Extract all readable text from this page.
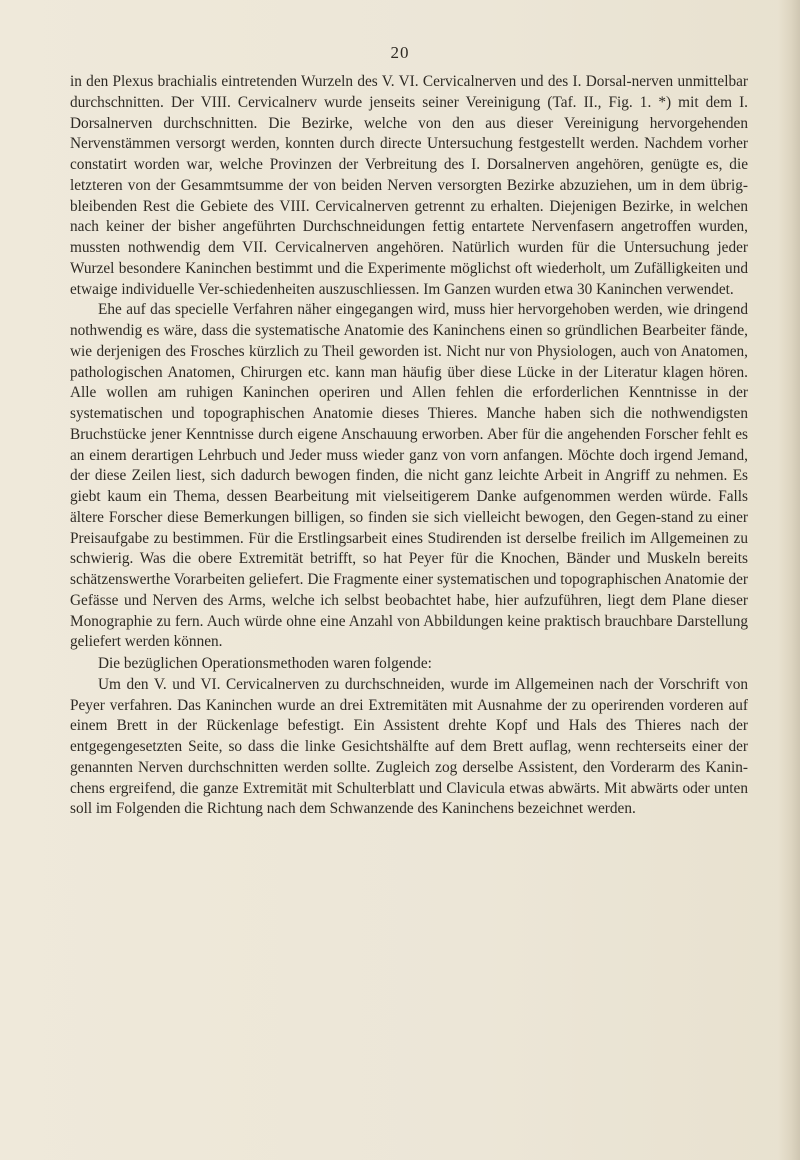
20

in den Plexus brachialis eintretenden Wurzeln des V. VI. Cervicalnerven und des I. Dorsal-nerven unmittelbar durchschnitten. Der VIII. Cervicalnerv wurde jenseits seiner Vereinigung (Taf. II., Fig. 1. *) mit dem I. Dorsalnerven durchschnitten. Die Bezirke, welche von den aus dieser Vereinigung hervorgehenden Nervenstämmen versorgt werden, konnten durch directe Untersuchung festgestellt werden. Nachdem vorher constatirt worden war, welche Provinzen der Verbreitung des I. Dorsalnerven angehören, genügte es, die letzteren von der Gesammtsumme der von beiden Nerven versorgten Bezirke abzuziehen, um in dem übrig-bleibenden Rest die Gebiete des VIII. Cervicalnerven getrennt zu erhalten. Diejenigen Bezirke, in welchen nach keiner der bisher angeführten Durchschneidungen fettig entartete Nervenfasern angetroffen wurden, mussten nothwendig dem VII. Cervicalnerven angehören. Natürlich wurden für die Untersuchung jeder Wurzel besondere Kaninchen bestimmt und die Experimente möglichst oft wiederholt, um Zufälligkeiten und etwaige individuelle Ver-schiedenheiten auszuschliessen. Im Ganzen wurden etwa 30 Kaninchen verwendet.

Ehe auf das specielle Verfahren näher eingegangen wird, muss hier hervorgehoben werden, wie dringend nothwendig es wäre, dass die systematische Anatomie des Kaninchens einen so gründlichen Bearbeiter fände, wie derjenigen des Frosches kürzlich zu Theil geworden ist. Nicht nur von Physiologen, auch von Anatomen, pathologischen Anatomen, Chirurgen etc. kann man häufig über diese Lücke in der Literatur klagen hören. Alle wollen am ruhigen Kaninchen operiren und Allen fehlen die erforderlichen Kenntnisse in der systematischen und topographischen Anatomie dieses Thieres. Manche haben sich die nothwendigsten Bruchstücke jener Kenntnisse durch eigene Anschauung erworben. Aber für die angehenden Forscher fehlt es an einem derartigen Lehrbuch und Jeder muss wieder ganz von vorn anfangen. Möchte doch irgend Jemand, der diese Zeilen liest, sich dadurch bewogen finden, die nicht ganz leichte Arbeit in Angriff zu nehmen. Es giebt kaum ein Thema, dessen Bearbeitung mit vielseitigerem Danke aufgenommen werden würde. Falls ältere Forscher diese Bemerkungen billigen, so finden sie sich vielleicht bewogen, den Gegen-stand zu einer Preisaufgabe zu bestimmen. Für die Erstlingsarbeit eines Studirenden ist derselbe freilich im Allgemeinen zu schwierig. Was die obere Extremität betrifft, so hat Peyer für die Knochen, Bänder und Muskeln bereits schätzenswerthe Vorarbeiten geliefert. Die Fragmente einer systematischen und topographischen Anatomie der Gefässe und Nerven des Arms, welche ich selbst beobachtet habe, hier aufzuführen, liegt dem Plane dieser Monographie zu fern. Auch würde ohne eine Anzahl von Abbildungen keine praktisch brauchbare Darstellung geliefert werden können.

Die bezüglichen Operationsmethoden waren folgende:

Um den V. und VI. Cervicalnerven zu durchschneiden, wurde im Allgemeinen nach der Vorschrift von Peyer verfahren. Das Kaninchen wurde an drei Extremitäten mit Ausnahme der zu operirenden vorderen auf einem Brett in der Rückenlage befestigt. Ein Assistent drehte Kopf und Hals des Thieres nach der entgegengesetzten Seite, so dass die linke Gesichtshälfte auf dem Brett auflag, wenn rechterseits einer der genannten Nerven durchschnitten werden sollte. Zugleich zog derselbe Assistent, den Vorderarm des Kanin-chens ergreifend, die ganze Extremität mit Schulterblatt und Clavicula etwas abwärts. Mit abwärts oder unten soll im Folgenden die Richtung nach dem Schwanzende des Kaninchens bezeichnet werden.
